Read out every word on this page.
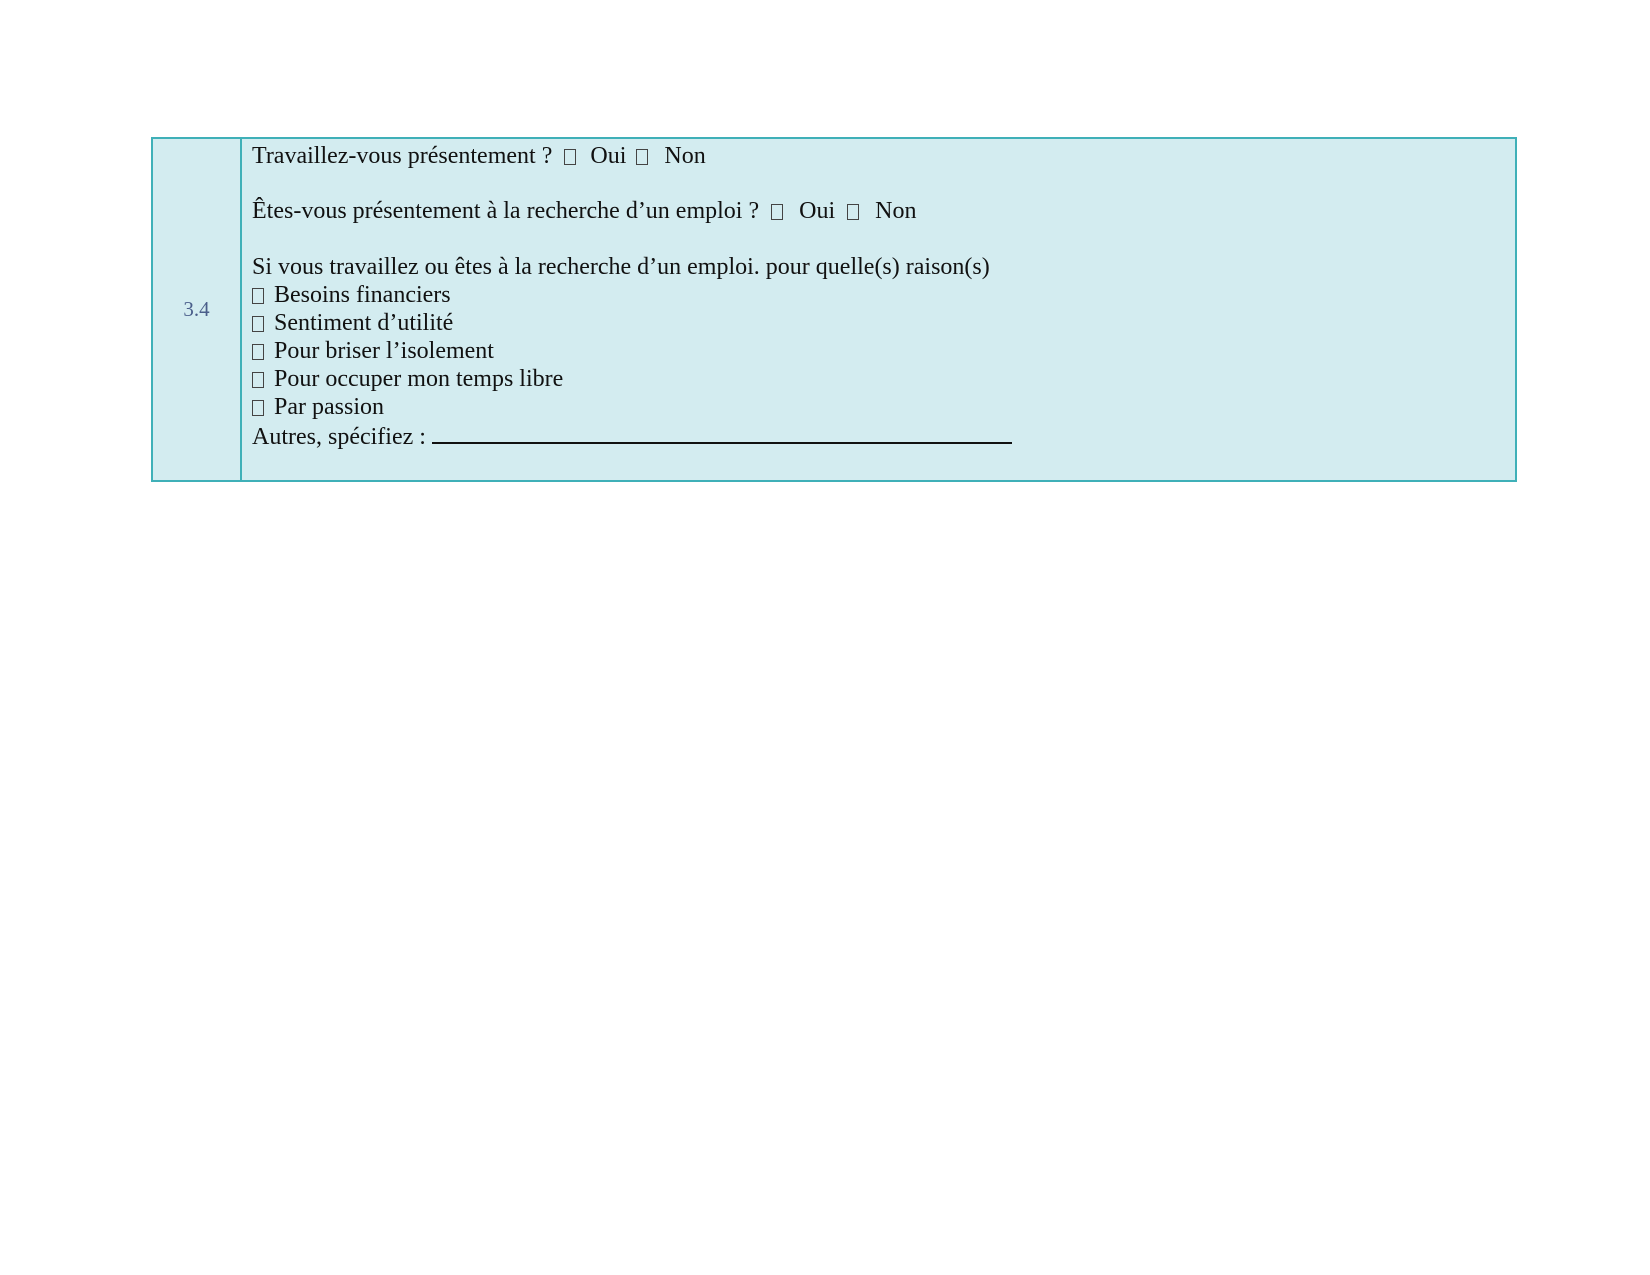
3.4
Travaillez-vous présentement ? Oui Non
Êtes-vous présentement à la recherche d’un emploi ? Oui Non
Si vous travaillez ou êtes à la recherche d’un emploi. pour quelle(s) raison(s)
Besoins financiers
Sentiment d’utilité
Pour briser l’isolement
Pour occuper mon temps libre
Par passion
Autres, spécifiez :
